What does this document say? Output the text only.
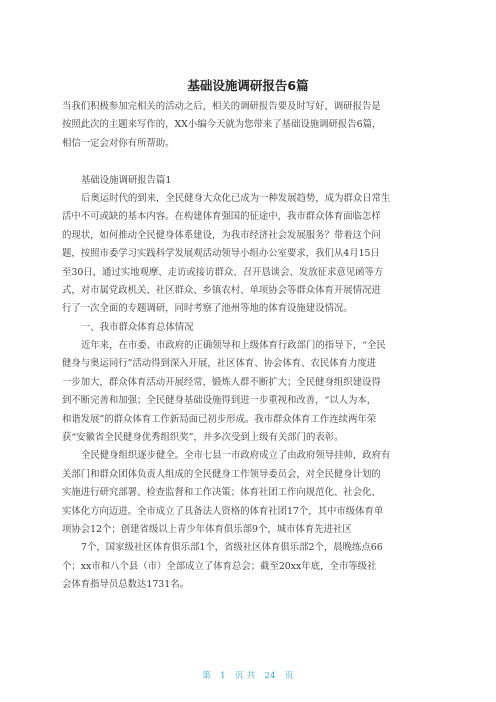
基础设施调研报告6篇
当我们积极参加完相关的活动之后，相关的调研报告要及时写好，调研报告是
按照此次的主题来写作的，XX小编今天就为您带来了基础设施调研报告6篇，
相信一定会对你有所帮助。
基础设施调研报告篇1
后奥运时代的到来，全民健身大众化已成为一种发展趋势，成为群众日常生
活中不可或缺的基本内容。在构建体育强国的征途中，我市群众体育面临怎样
的现状，如何推动全民健身体系建设，为我市经济社会发展服务？带着这个问
题，按照市委学习实践科学发展观活动领导小组办公室要求，我们从4月15日
至30日，通过实地观摩、走访或接访群众、召开恳谈会、发放征求意见函等方
式，对市属党政机关、社区群众、乡镇农村、单项协会等群众体育开展情况进
行了一次全面的专题调研，同时考察了池州等地的体育设施建设情况。
一、我市群众体育总体情况
近年来，在市委、市政府的正确领导和上级体育行政部门的指导下，“全民
健身与奥运同行”活动得到深入开展，社区体育、协会体育、农民体育力度进
一步加大，群众体育活动开展经常，锻炼人群不断扩大；全民健身组织建设得
到不断完善和加强；全民健身基础设施得到进一步重视和改善，“以人为本，
和谐发展”的群众体育工作新局面已初步形成。我市群众体育工作连续两年荣
获“安徽省全民健身优秀组织奖”，并多次受到上级有关部门的表彰。
全民健身组织逐步健全。全市七县一市政府成立了由政府领导挂帅，政府有
关部门和群众团体负责人组成的全民健身工作领导委员会，对全民健身计划的
实施进行研究部署、检查监督和工作决策；体育社团工作向规范化、社会化、
实体化方向迈进。全市成立了具备法人资格的体育社团17个，其中市级体育单
项协会12个；创建省级以上青少年体育俱乐部9个，城市体育先进社区
7个，国家级社区体育俱乐部1个，省级社区体育俱乐部2个，晨晚练点66
个；xx市和八个县（市）全部成立了体育总会；截至20xx年底，全市等级社
会体育指导员总数达1731名。
第 1 页 共 24 页
